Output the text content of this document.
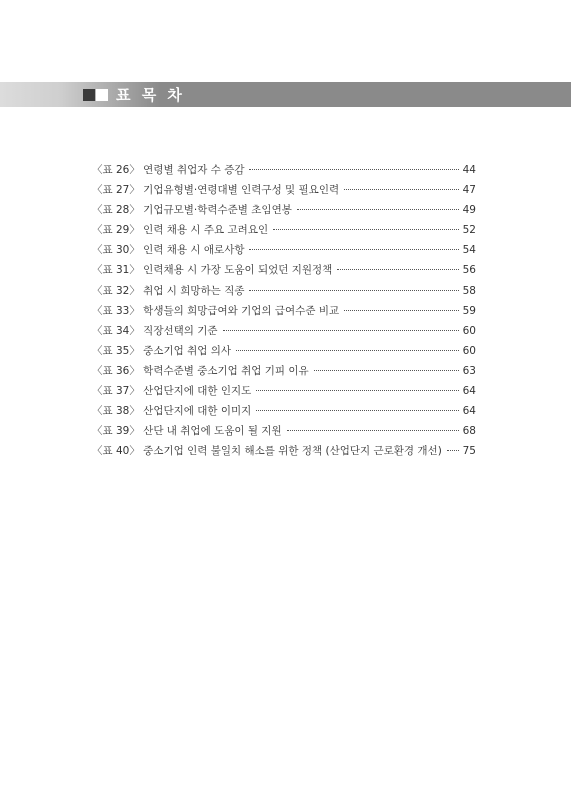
표 목 차
〈표 26〉 연령별 취업자 수 증감	44
〈표 27〉 기업유형별·연령대별 인력구성 및 필요인력	47
〈표 28〉 기업규모별·학력수준별 초임연봉	49
〈표 29〉 인력 채용 시 주요 고려요인	52
〈표 30〉 인력 채용 시 애로사항	54
〈표 31〉 인력채용 시 가장 도움이 되었던 지원정책	56
〈표 32〉 취업 시 희망하는 직종	58
〈표 33〉 학생들의 희망급여와 기업의 급여수준 비교	59
〈표 34〉 직장선택의 기준	60
〈표 35〉 중소기업 취업 의사	60
〈표 36〉 학력수준별 중소기업 취업 기피 이유	63
〈표 37〉 산업단지에 대한 인지도	64
〈표 38〉 산업단지에 대한 이미지	64
〈표 39〉 산단 내 취업에 도움이 될 지원	68
〈표 40〉 중소기업 인력 불일치 해소를 위한 정책 (산업단지 근로환경 개선) 75
